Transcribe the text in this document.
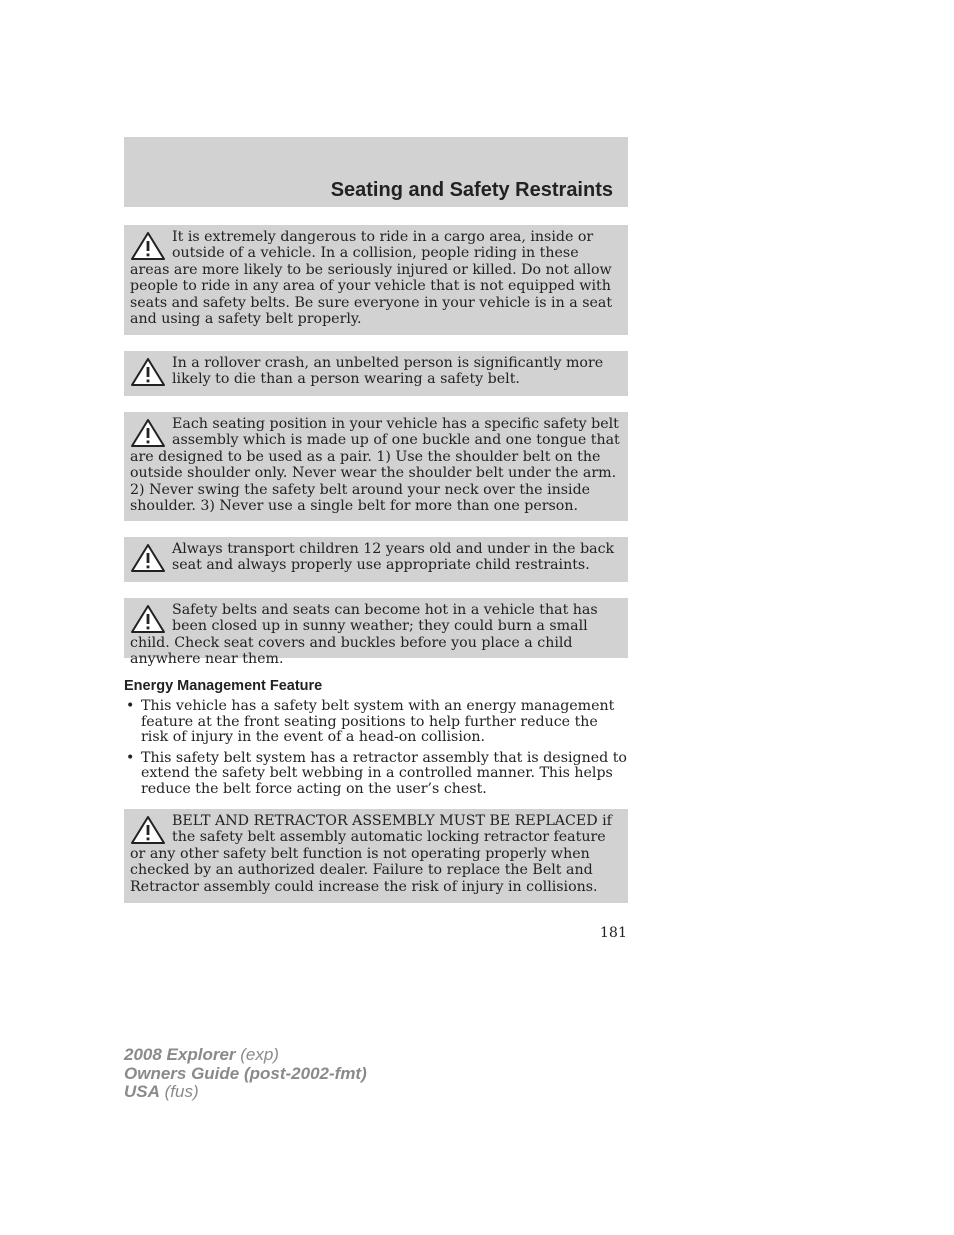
Seating and Safety Restraints
It is extremely dangerous to ride in a cargo area, inside or outside of a vehicle. In a collision, people riding in these areas are more likely to be seriously injured or killed. Do not allow people to ride in any area of your vehicle that is not equipped with seats and safety belts. Be sure everyone in your vehicle is in a seat and using a safety belt properly.
In a rollover crash, an unbelted person is significantly more likely to die than a person wearing a safety belt.
Each seating position in your vehicle has a specific safety belt assembly which is made up of one buckle and one tongue that are designed to be used as a pair. 1) Use the shoulder belt on the outside shoulder only. Never wear the shoulder belt under the arm. 2) Never swing the safety belt around your neck over the inside shoulder. 3) Never use a single belt for more than one person.
Always transport children 12 years old and under in the back seat and always properly use appropriate child restraints.
Safety belts and seats can become hot in a vehicle that has been closed up in sunny weather; they could burn a small child. Check seat covers and buckles before you place a child anywhere near them.
Energy Management Feature
• This vehicle has a safety belt system with an energy management feature at the front seating positions to help further reduce the risk of injury in the event of a head-on collision.
• This safety belt system has a retractor assembly that is designed to extend the safety belt webbing in a controlled manner. This helps reduce the belt force acting on the user’s chest.
BELT AND RETRACTOR ASSEMBLY MUST BE REPLACED if the safety belt assembly automatic locking retractor feature or any other safety belt function is not operating properly when checked by an authorized dealer. Failure to replace the Belt and Retractor assembly could increase the risk of injury in collisions.
181
2008 Explorer (exp)
Owners Guide (post-2002-fmt)
USA (fus)
